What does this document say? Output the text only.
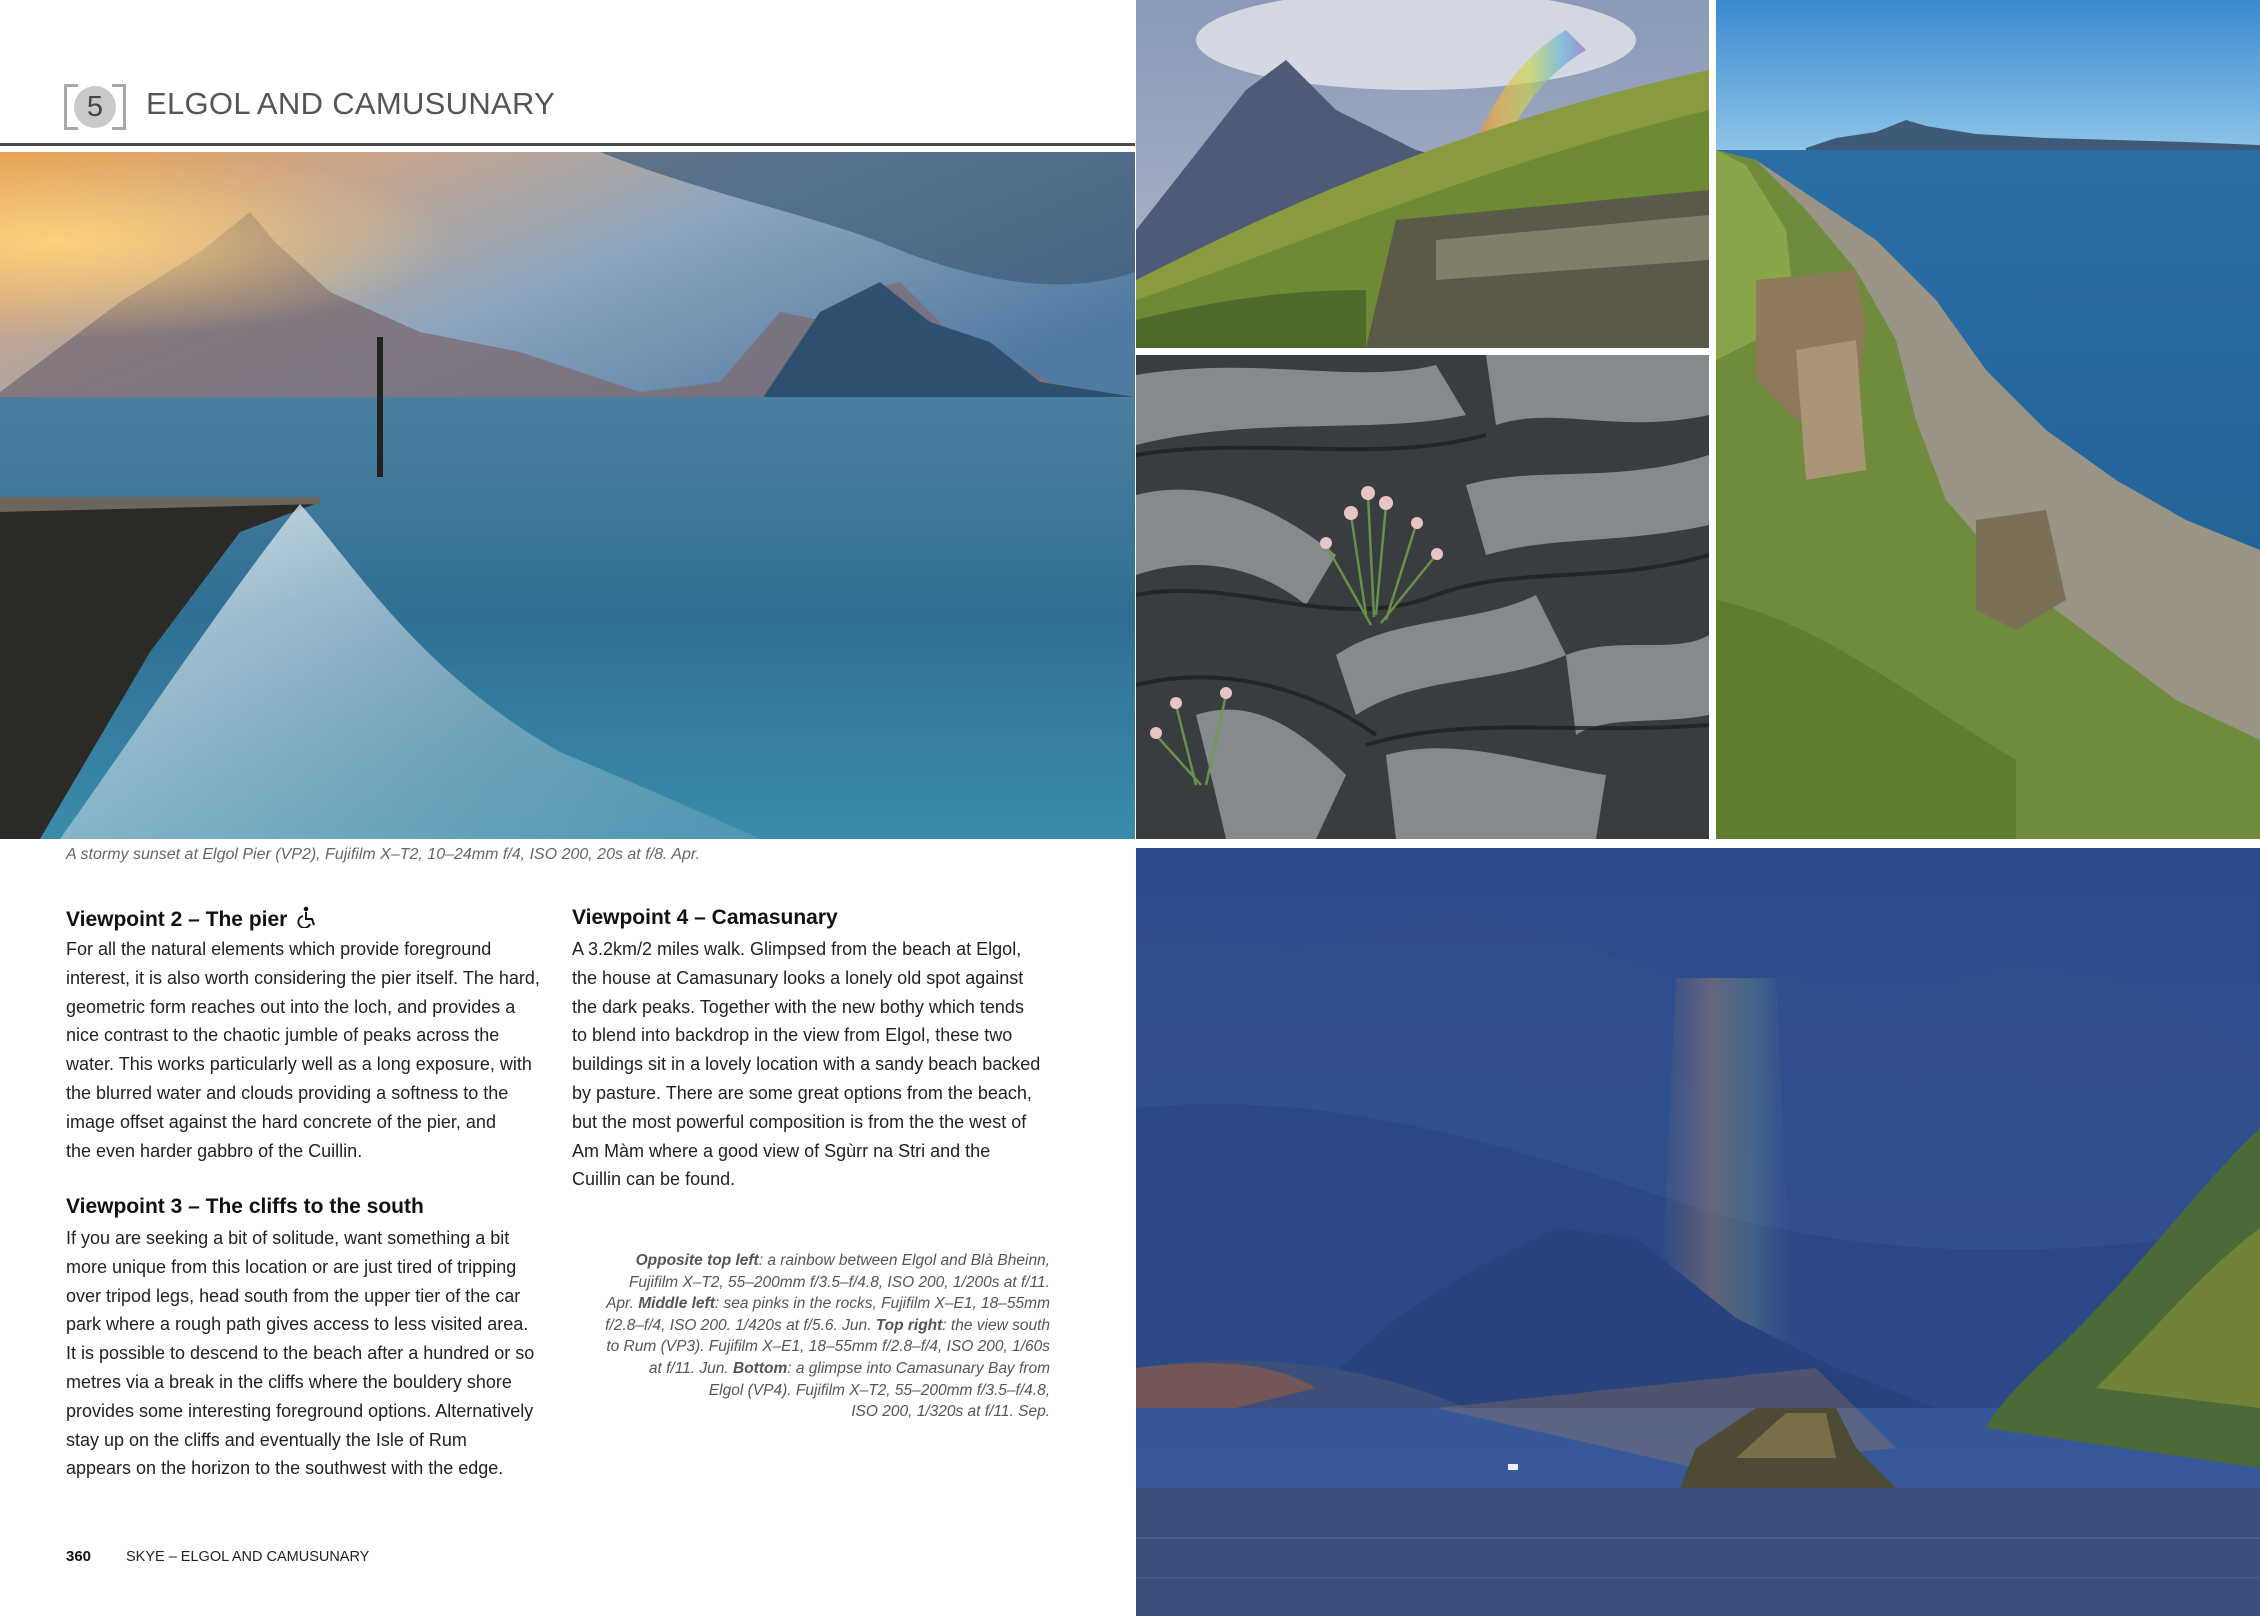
5	ELGOL AND CAMUSUNARY
A stormy sunset at Elgol Pier (VP2), Fujifilm X–T2, 10–24mm f/4, ISO 200, 20s at f/8. Apr.
Viewpoint 2 – The pier
For all the natural elements which provide foreground
interest, it is also worth considering the pier itself. The hard,
geometric form reaches out into the loch, and provides a
nice contrast to the chaotic jumble of peaks across the
water. This works particularly well as a long exposure, with
the blurred water and clouds providing a softness to the
image offset against the hard concrete of the pier, and
the even harder gabbro of the Cuillin.
Viewpoint 3 – The cliffs to the south
If you are seeking a bit of solitude, want something a bit
more unique from this location or are just tired of tripping
over tripod legs, head south from the upper tier of the car
park where a rough path gives access to less visited area.
It is possible to descend to the beach after a hundred or so
metres via a break in the cliffs where the bouldery shore
provides some interesting foreground options. Alternatively
stay up on the cliffs and eventually the Isle of Rum
appears on the horizon to the southwest with the edge.
Viewpoint 4 – Camasunary
A 3.2km/2 miles walk. Glimpsed from the beach at Elgol,
the house at Camasunary looks a lonely old spot against
the dark peaks. Together with the new bothy which tends
to blend into backdrop in the view from Elgol, these two
buildings sit in a lovely location with a sandy beach backed
by pasture. There are some great options from the beach,
but the most powerful composition is from the the west of
Am Màm where a good view of Sgùrr na Stri and the
Cuillin can be found.
Opposite top left: a rainbow between Elgol and Blà Bheinn,
Fujifilm X–T2, 55–200mm f/3.5–f/4.8, ISO 200, 1/200s at f/11.
Apr. Middle left: sea pinks in the rocks, Fujifilm X–E1, 18–55mm
f/2.8–f/4, ISO 200. 1/420s at f/5.6. Jun. Top right: the view south
to Rum (VP3). Fujifilm X–E1, 18–55mm f/2.8–f/4, ISO 200, 1/60s
at f/11. Jun. Bottom: a glimpse into Camasunary Bay from
Elgol (VP4). Fujifilm X–T2, 55–200mm f/3.5–f/4.8,
ISO 200, 1/320s at f/11. Sep.
360 SKYE – ELGOL AND CAMUSUNARY
